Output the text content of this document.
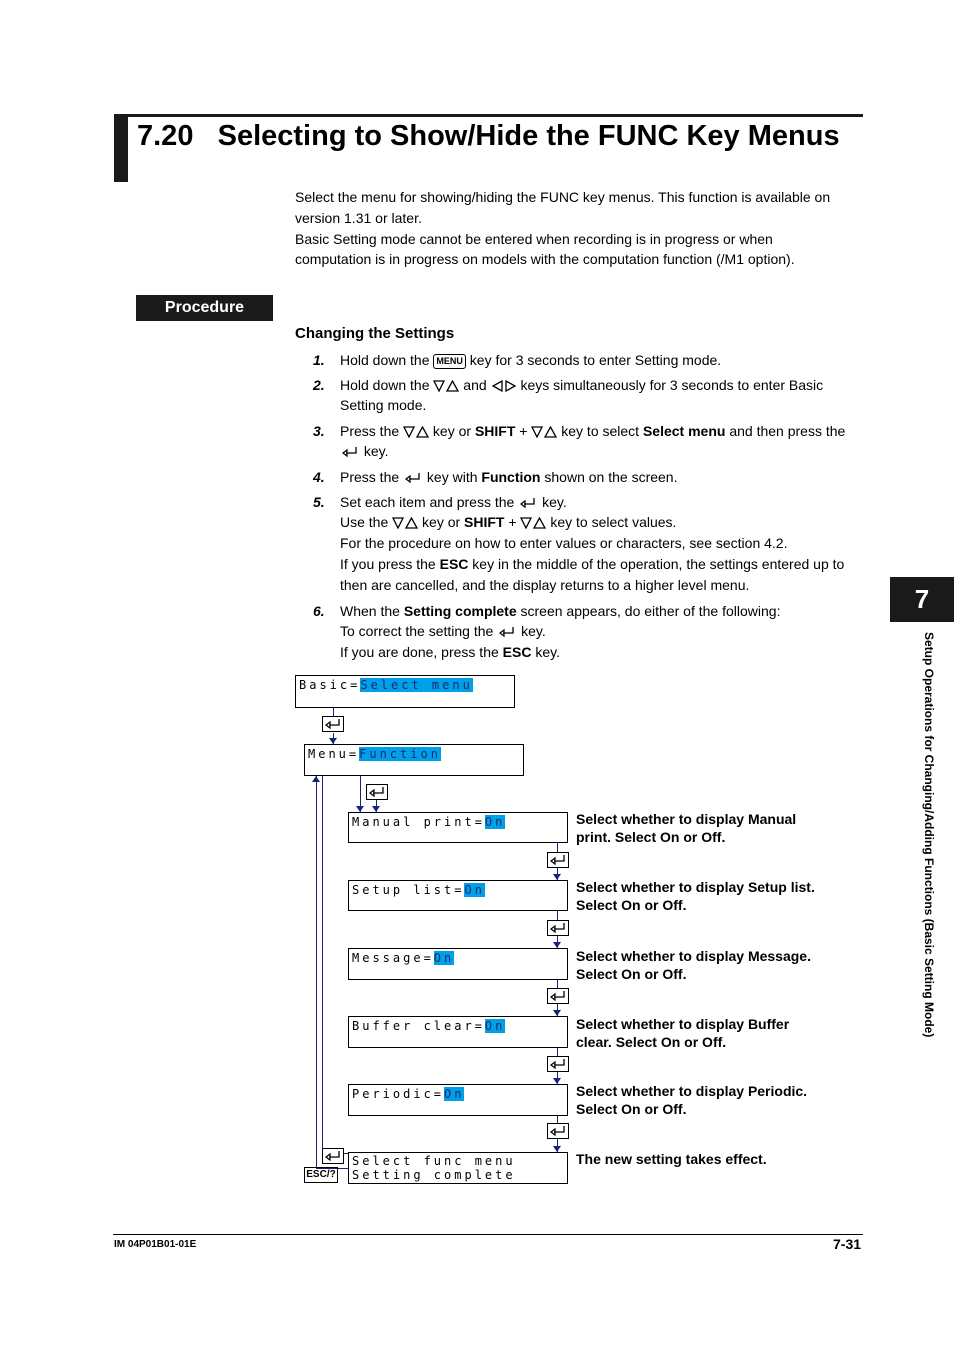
7.20   Selecting to Show/Hide the FUNC Key Menus
Select the menu for showing/hiding the FUNC key menus. This function is available on
version 1.31 or later.
Basic Setting mode cannot be entered when recording is in progress or when
computation is in progress on models with the computation function (/M1 option).
Procedure
Changing the Settings
1. Hold down the MENU key for 3 seconds to enter Setting mode.
2. Hold down the and keys simultaneously for 3 seconds to enter Basic
Setting mode.
3. Press the key or SHIFT + key to select Select menu and then press the
key.
4. Press the key with Function shown on the screen.
5. Set each item and press the key.
Use the key or SHIFT + key to select values.
For the procedure on how to enter values or characters, see section 4.2.
If you press the ESC key in the middle of the operation, the settings entered up to
then are cancelled, and the display returns to a higher level menu.
6. When the Setting complete screen appears, do either of the following:
To correct the setting the key.
If you are done, press the ESC key.
Basic=Select menu
Menu=Function
Manual print=On	Select whether to display Manual
print. Select On or Off.
Setup list=On	Select whether to display Setup list.
Select On or Off.
Message=On	Select whether to display Message.
Select On or Off.
Buffer clear=On	Select whether to display Buffer
clear. Select On or Off.
Periodic=On	Select whether to display Periodic.
Select On or Off.
Select func menu
Setting complete
The new setting takes effect.
ESC/?
7
Setup Operations for Changing/Adding Functions (Basic Setting Mode)
IM 04P01B01-01E	7-31
